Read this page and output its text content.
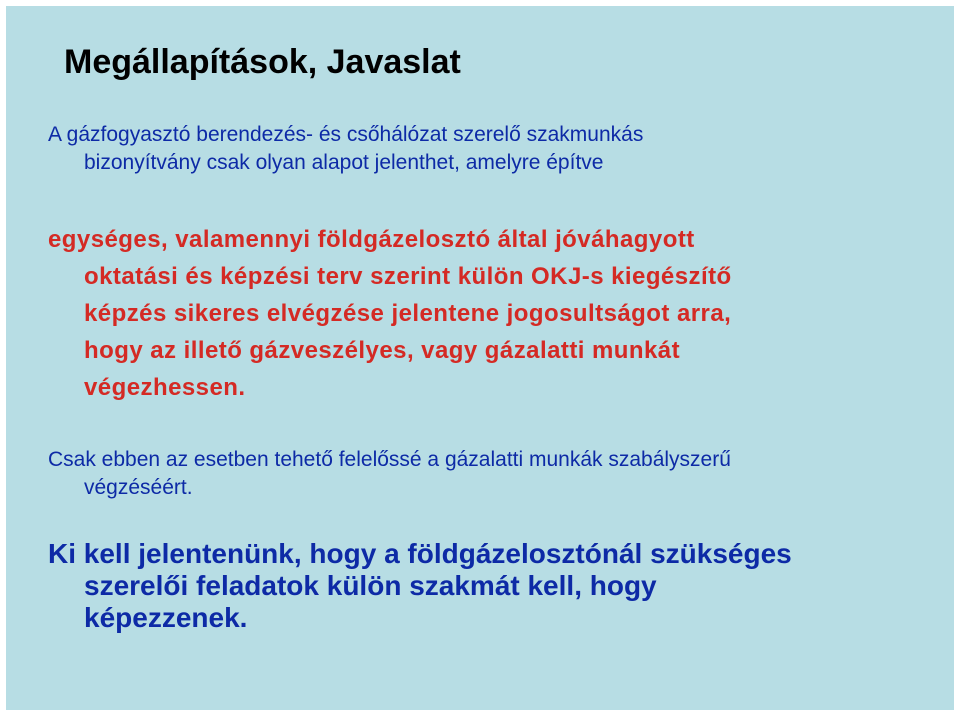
Megállapítások, Javaslat

A gázfogyasztó berendezés- és csőhálózat szerelő szakmunkás
bizonyítvány csak olyan alapot jelenthet, amelyre építve

egységes, valamennyi földgázelosztó által jóváhagyott
oktatási és képzési terv szerint külön OKJ-s kiegészítő
képzés sikeres elvégzése jelentene jogosultságot arra,
hogy az illető gázveszélyes, vagy gázalatti munkát
végezhessen.

Csak ebben az esetben tehető felelőssé a gázalatti munkák szabályszerű
végzéséért.

Ki kell jelentenünk, hogy a földgázelosztónál szükséges
szerelői feladatok külön szakmát kell, hogy
képezzenek.
